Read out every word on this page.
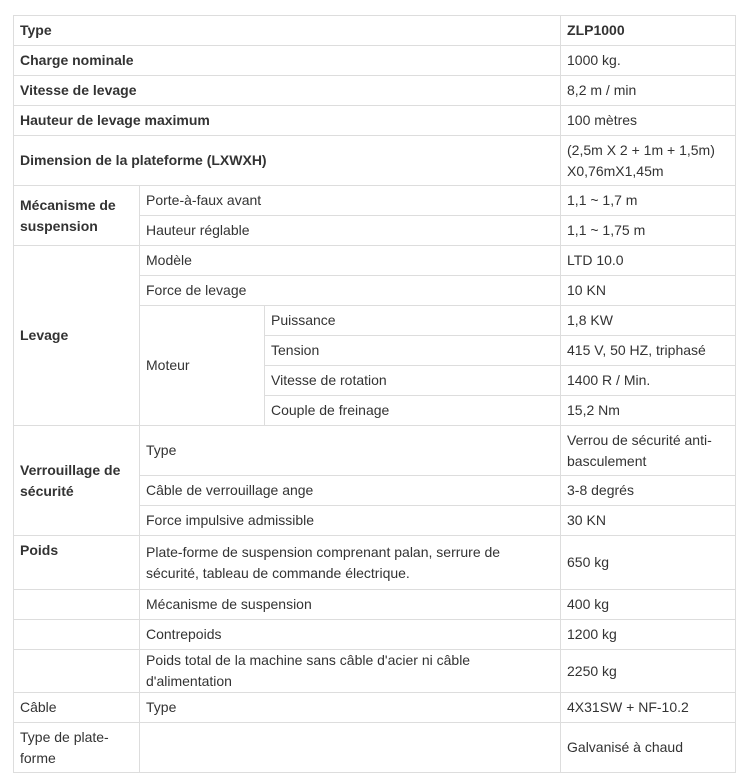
Type			ZLP1000
Charge nominale			1000 kg.
Vitesse de levage			8,2 m / min
Hauteur de levage maximum			100 mètres
Dimension de la plateforme (LXWXH)			(2,5m X 2 + 1m + 1,5m) X0,76mX1,45m
Mécanisme de suspension	Porte-à-faux avant		1,1 ~ 1,7 m
	Hauteur réglable		1,1 ~ 1,75 m
Levage	Modèle		LTD 10.0
	Force de levage		10 KN
	Moteur	Puissance	1,8 KW
		Tension	415 V, 50 HZ, triphasé
		Vitesse de rotation	1400 R / Min.
		Couple de freinage	15,2 Nm
Verrouillage de sécurité	Type		Verrou de sécurité anti-basculement
	Câble de verrouillage ange		3-8 degrés
	Force impulsive admissible		30 KN
Poids	Plate-forme de suspension comprenant palan, serrure de sécurité, tableau de commande électrique.		650 kg
	Mécanisme de suspension		400 kg
	Contrepoids		1200 kg
	Poids total de la machine sans câble d'acier ni câble d'alimentation		2250 kg
Câble	Type		4X31SW + NF-10.2
Type de plate-forme			Galvanisé à chaud
